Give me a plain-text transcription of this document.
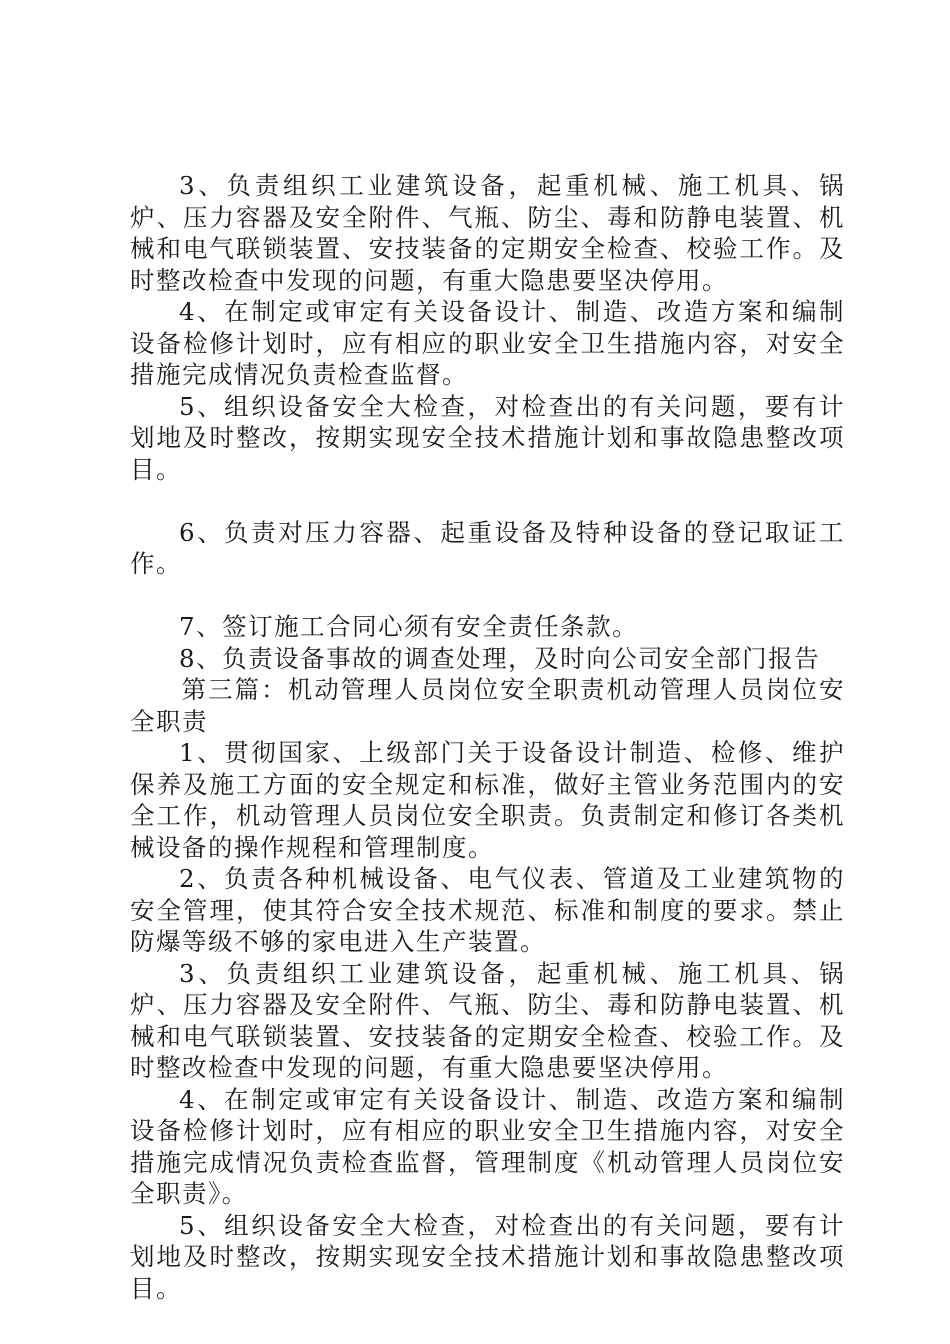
3、负责组织工业建筑设备，起重机械、施工机具、锅炉、压力容器及安全附件、气瓶、防尘、毒和防静电装置、机械和电气联锁装置、安技装备的定期安全检查、校验工作。及时整改检查中发现的问题，有重大隐患要坚决停用。

4、在制定或审定有关设备设计、制造、改造方案和编制设备检修计划时，应有相应的职业安全卫生措施内容，对安全措施完成情况负责检查监督。

5、组织设备安全大检查，对检查出的有关问题，要有计划地及时整改，按期实现安全技术措施计划和事故隐患整改项目。

6、负责对压力容器、起重设备及特种设备的登记取证工作。

7、签订施工合同心须有安全责任条款。

8、负责设备事故的调查处理，及时向公司安全部门报告

第三篇：机动管理人员岗位安全职责机动管理人员岗位安全职责

1、贯彻国家、上级部门关于设备设计制造、检修、维护保养及施工方面的安全规定和标准，做好主管业务范围内的安全工作，机动管理人员岗位安全职责。负责制定和修订各类机械设备的操作规程和管理制度。

2、负责各种机械设备、电气仪表、管道及工业建筑物的安全管理，使其符合安全技术规范、标准和制度的要求。禁止防爆等级不够的家电进入生产装置。

3、负责组织工业建筑设备，起重机械、施工机具、锅炉、压力容器及安全附件、气瓶、防尘、毒和防静电装置、机械和电气联锁装置、安技装备的定期安全检查、校验工作。及时整改检查中发现的问题，有重大隐患要坚决停用。

4、在制定或审定有关设备设计、制造、改造方案和编制设备检修计划时，应有相应的职业安全卫生措施内容，对安全措施完成情况负责检查监督，管理制度《机动管理人员岗位安全职责》。

5、组织设备安全大检查，对检查出的有关问题，要有计划地及时整改，按期实现安全技术措施计划和事故隐患整改项目。
